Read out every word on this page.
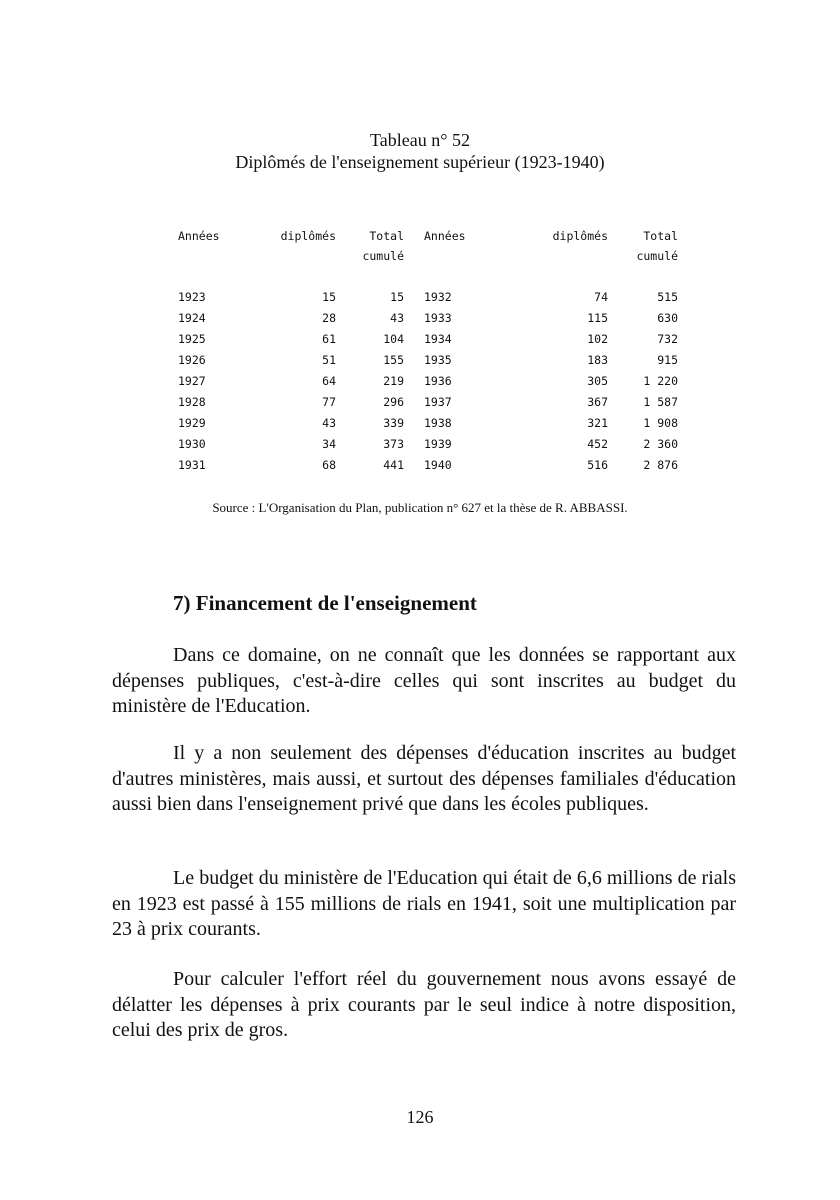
Tableau n° 52
Diplômés de l'enseignement supérieur (1923-1940)
Années	diplômés	Total	Années	diplômés	Total
		cumulé			cumulé

1923	15	15	1932	74	515
1924	28	43	1933	115	630
1925	61	104	1934	102	732
1926	51	155	1935	183	915
1927	64	219	1936	305	1 220
1928	77	296	1937	367	1 587
1929	43	339	1938	321	1 908
1930	34	373	1939	452	2 360
1931	68	441	1940	516	2 876
Source : L'Organisation du Plan, publication n° 627 et la thèse de R. ABBASSI.
7) Financement de l'enseignement
Dans ce domaine, on ne connaît que les données se rapportant aux dépenses publiques, c'est-à-dire celles qui sont inscrites au budget du ministère de l'Education.
Il y a non seulement des dépenses d'éducation inscrites au budget d'autres ministères, mais aussi, et surtout des dépenses familiales d'éducation aussi bien dans l'enseignement privé que dans les écoles publiques.
Le budget du ministère de l'Education qui était de 6,6 millions de rials en 1923 est passé à 155 millions de rials en 1941, soit une multiplication par 23 à prix courants.
Pour calculer l'effort réel du gouvernement nous avons essayé de délatter les dépenses à prix courants par le seul indice à notre disposition, celui des prix de gros.
126
